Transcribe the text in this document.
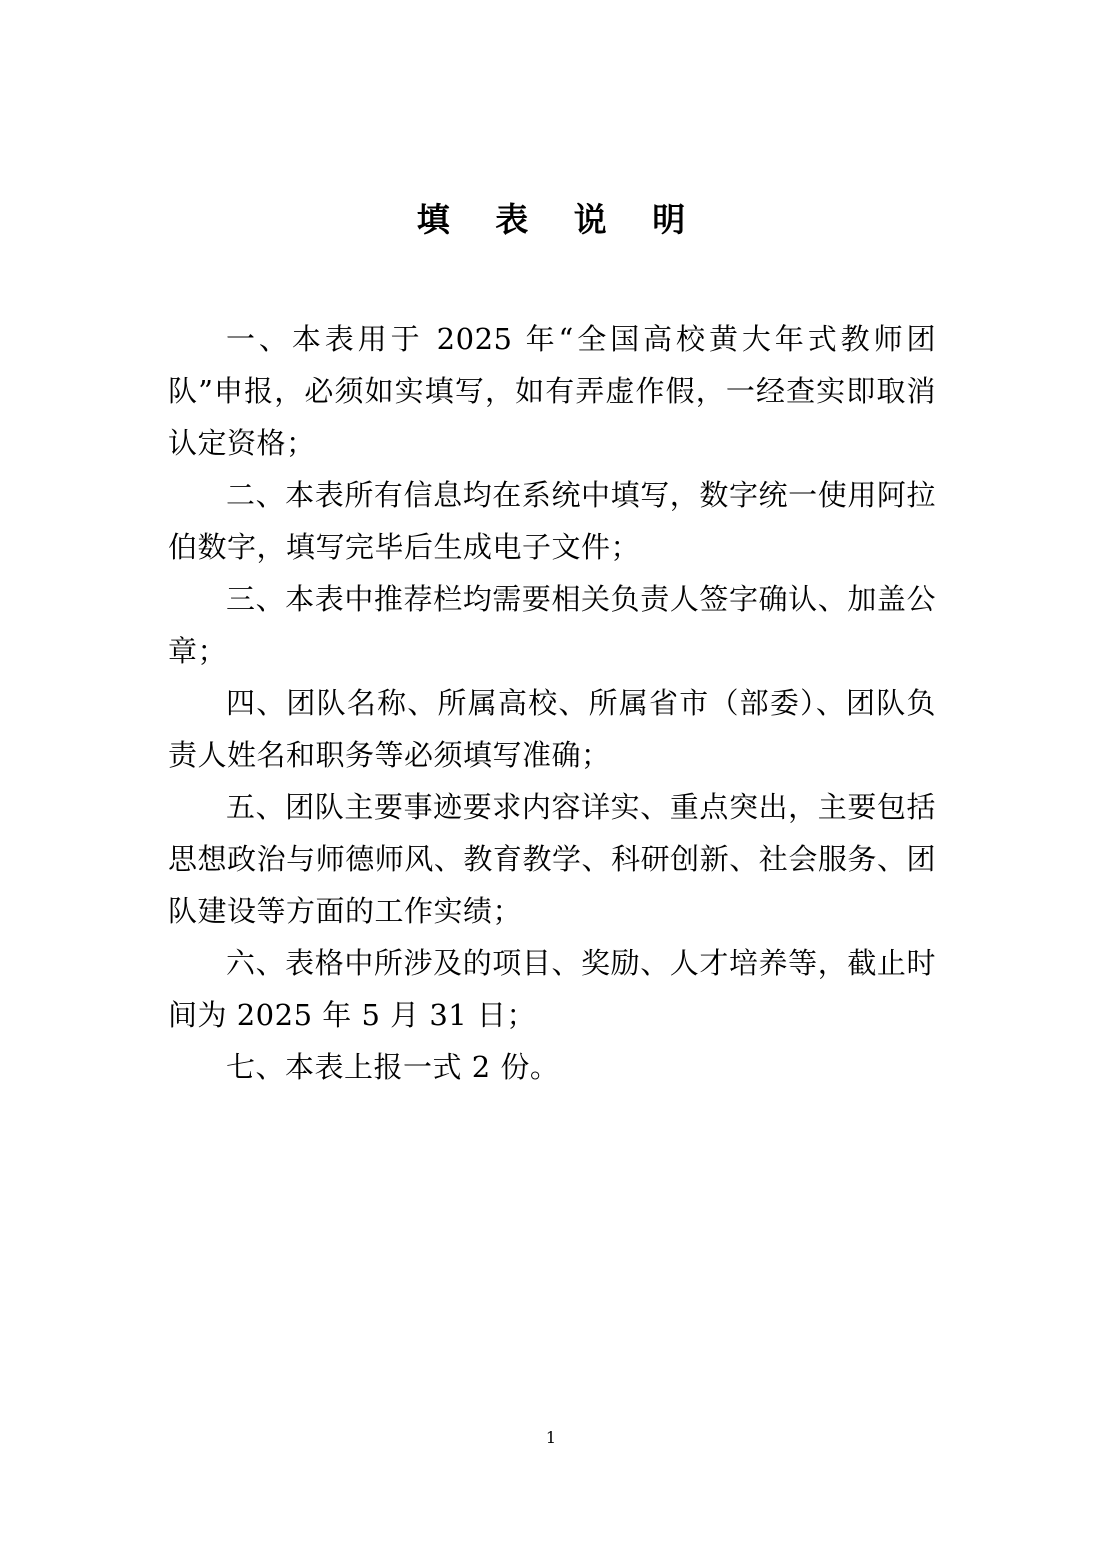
填 表 说 明

一、本表用于 2025 年“全国高校黄大年式教师团队”申报，必须如实填写，如有弄虚作假，一经查实即取消认定资格；

二、本表所有信息均在系统中填写，数字统一使用阿拉伯数字，填写完毕后生成电子文件；

三、本表中推荐栏均需要相关负责人签字确认、加盖公章；

四、团队名称、所属高校、所属省市（部委）、团队负责人姓名和职务等必须填写准确；

五、团队主要事迹要求内容详实、重点突出，主要包括思想政治与师德师风、教育教学、科研创新、社会服务、团队建设等方面的工作实绩；

六、表格中所涉及的项目、奖励、人才培养等，截止时间为 2025 年 5 月 31 日；

七、本表上报一式 2 份。

1
